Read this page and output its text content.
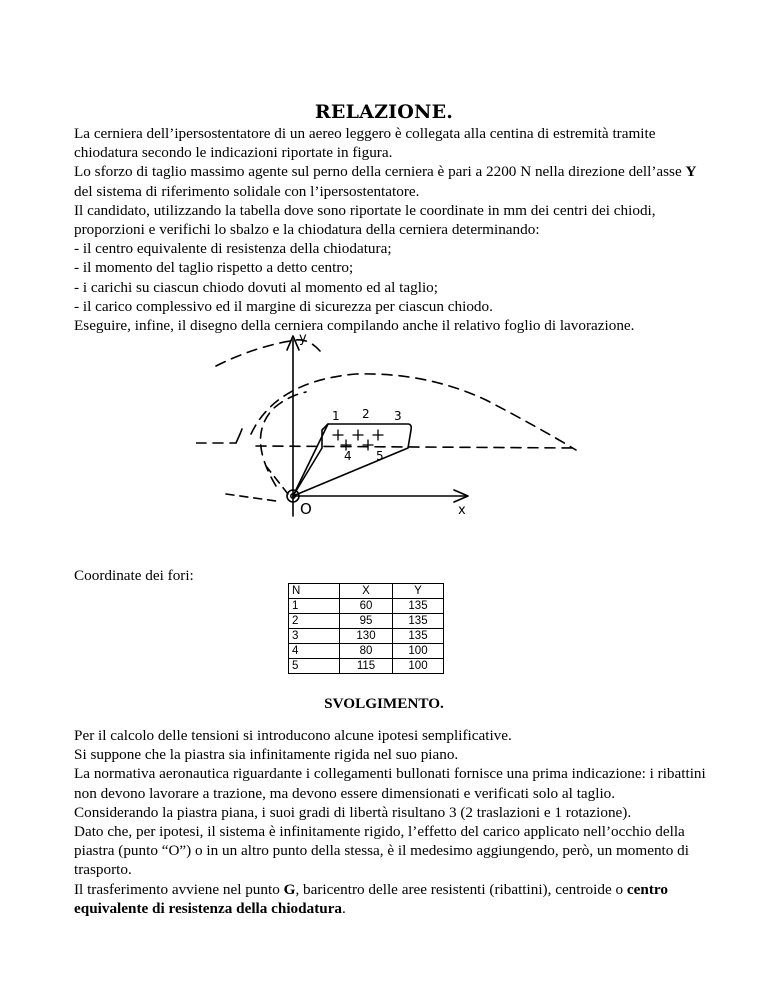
RELAZIONE.

La cerniera dell’ipersostentatore di un aereo leggero è collegata alla centina di estremità tramite chiodatura secondo le indicazioni riportate in figura.

Lo sforzo di taglio massimo agente sul perno della cerniera è pari a 2200 N nella direzione dell’asse Y del sistema di riferimento solidale con l’ipersostentatore.

Il candidato, utilizzando la tabella dove sono riportate le coordinate in mm dei centri dei chiodi, proporzioni e verifichi lo sbalzo e la chiodatura della cerniera determinando:

- il centro equivalente di resistenza della chiodatura;

- il momento del taglio rispetto a detto centro;

- i carichi su ciascun chiodo dovuti al momento ed al taglio;

- il carico complessivo ed il margine di sicurezza per ciascun chiodo.

Eseguire, infine, il disegno della cerniera compilando anche il relativo foglio di lavorazione.

y
x
O
1 2 3
4 5
Coordinate dei fori:
N	X	Y
1	60	135
2	95	135
3	130	135
4	80	100
5	115	100
SVOLGIMENTO.

Per il calcolo delle tensioni si introducono alcune ipotesi semplificative.

Si suppone che la piastra sia infinitamente rigida nel suo piano.

La normativa aeronautica riguardante i collegamenti bullonati fornisce una prima indicazione: i ribattini non devono lavorare a trazione, ma devono essere dimensionati e verificati solo al taglio.

Considerando la piastra piana, i suoi gradi di libertà risultano 3 (2 traslazioni e 1 rotazione).

Dato che, per ipotesi, il sistema è infinitamente rigido, l’effetto del carico applicato nell’occhio della piastra (punto “O”) o in un altro punto della stessa, è il medesimo aggiungendo, però, un momento di trasporto.

Il trasferimento avviene nel punto G, baricentro delle aree resistenti (ribattini), centroide o centro equivalente di resistenza della chiodatura.
